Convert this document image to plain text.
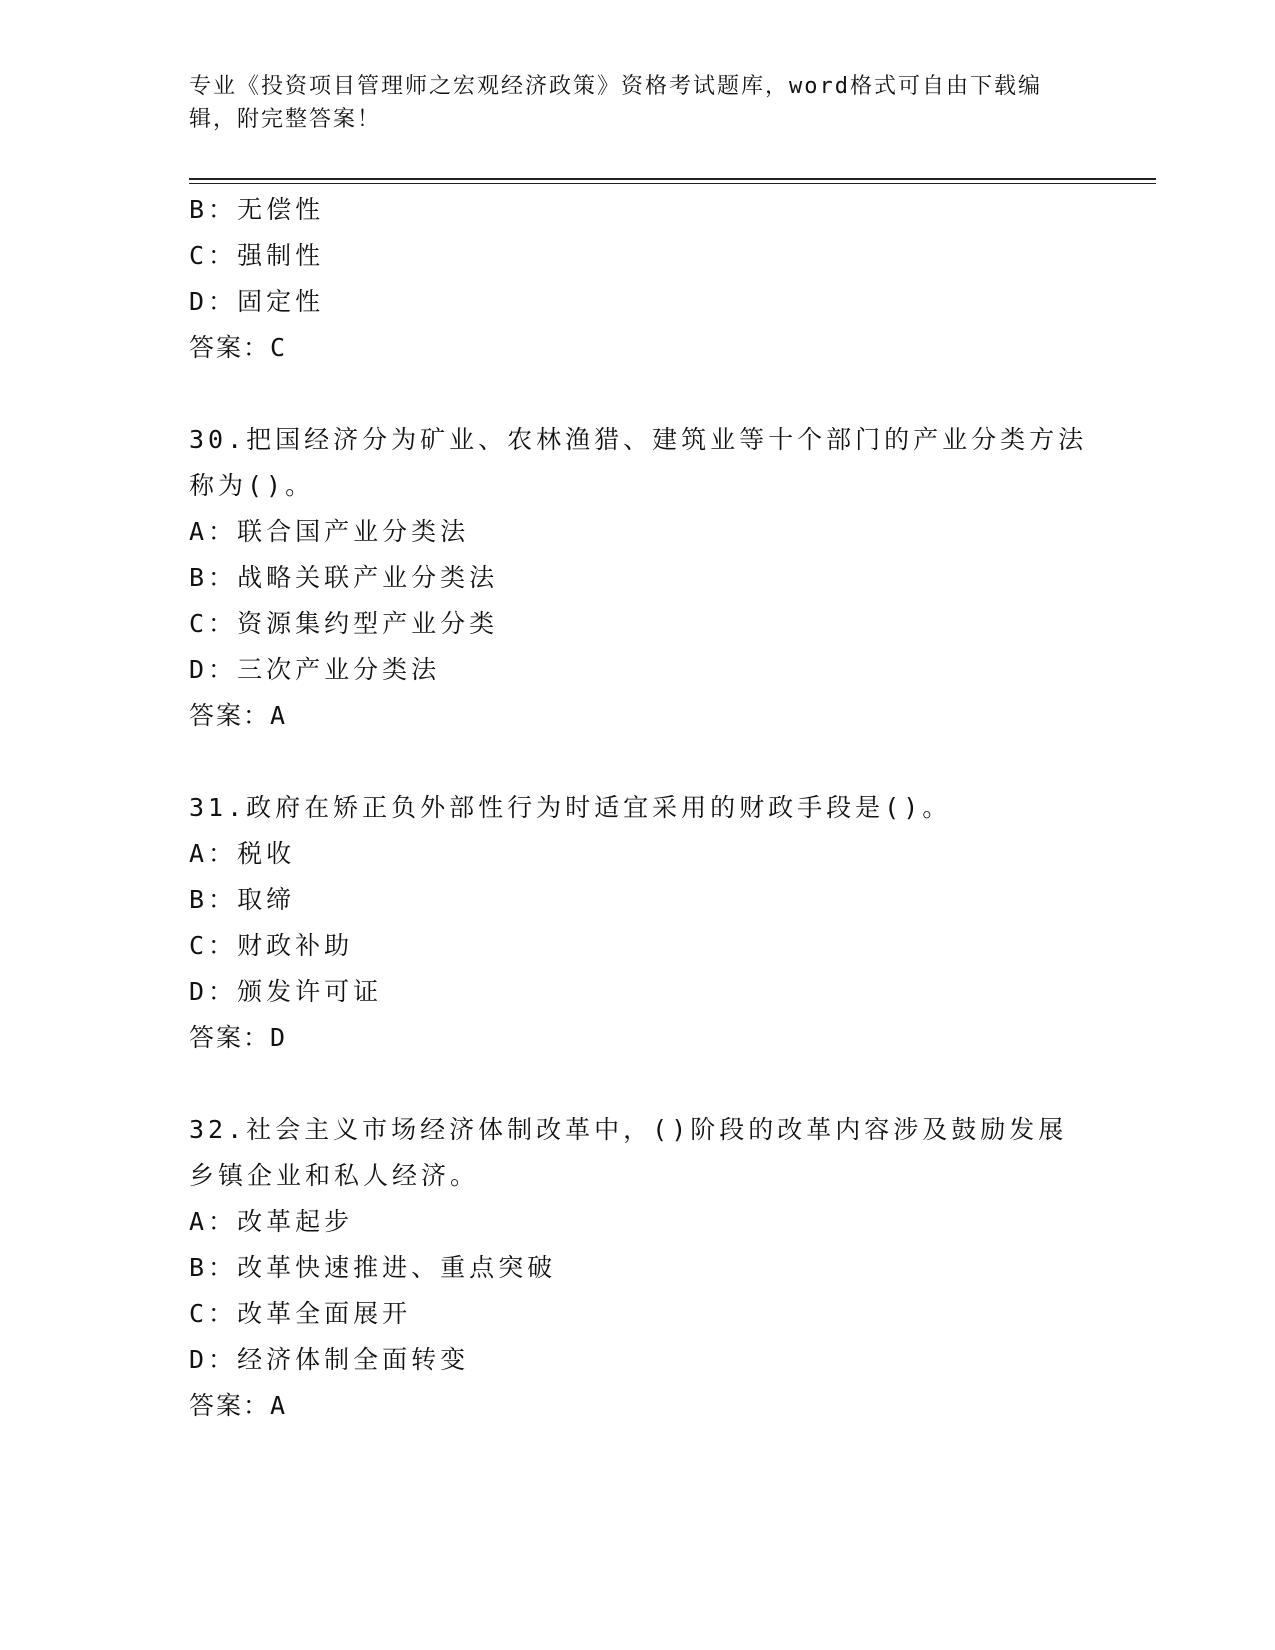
专业《投资项目管理师之宏观经济政策》资格考试题库，word格式可自由下载编辑，附完整答案！
B：无偿性
C：强制性
D：固定性
答案：C
30.把国经济分为矿业、农林渔猎、建筑业等十个部门的产业分类方法称为()。
A：联合国产业分类法
B：战略关联产业分类法
C：资源集约型产业分类
D：三次产业分类法
答案：A
31.政府在矫正负外部性行为时适宜采用的财政手段是()。
A：税收
B：取缔
C：财政补助
D：颁发许可证
答案：D
32.社会主义市场经济体制改革中，()阶段的改革内容涉及鼓励发展乡镇企业和私人经济。
A：改革起步
B：改革快速推进、重点突破
C：改革全面展开
D：经济体制全面转变
答案：A
